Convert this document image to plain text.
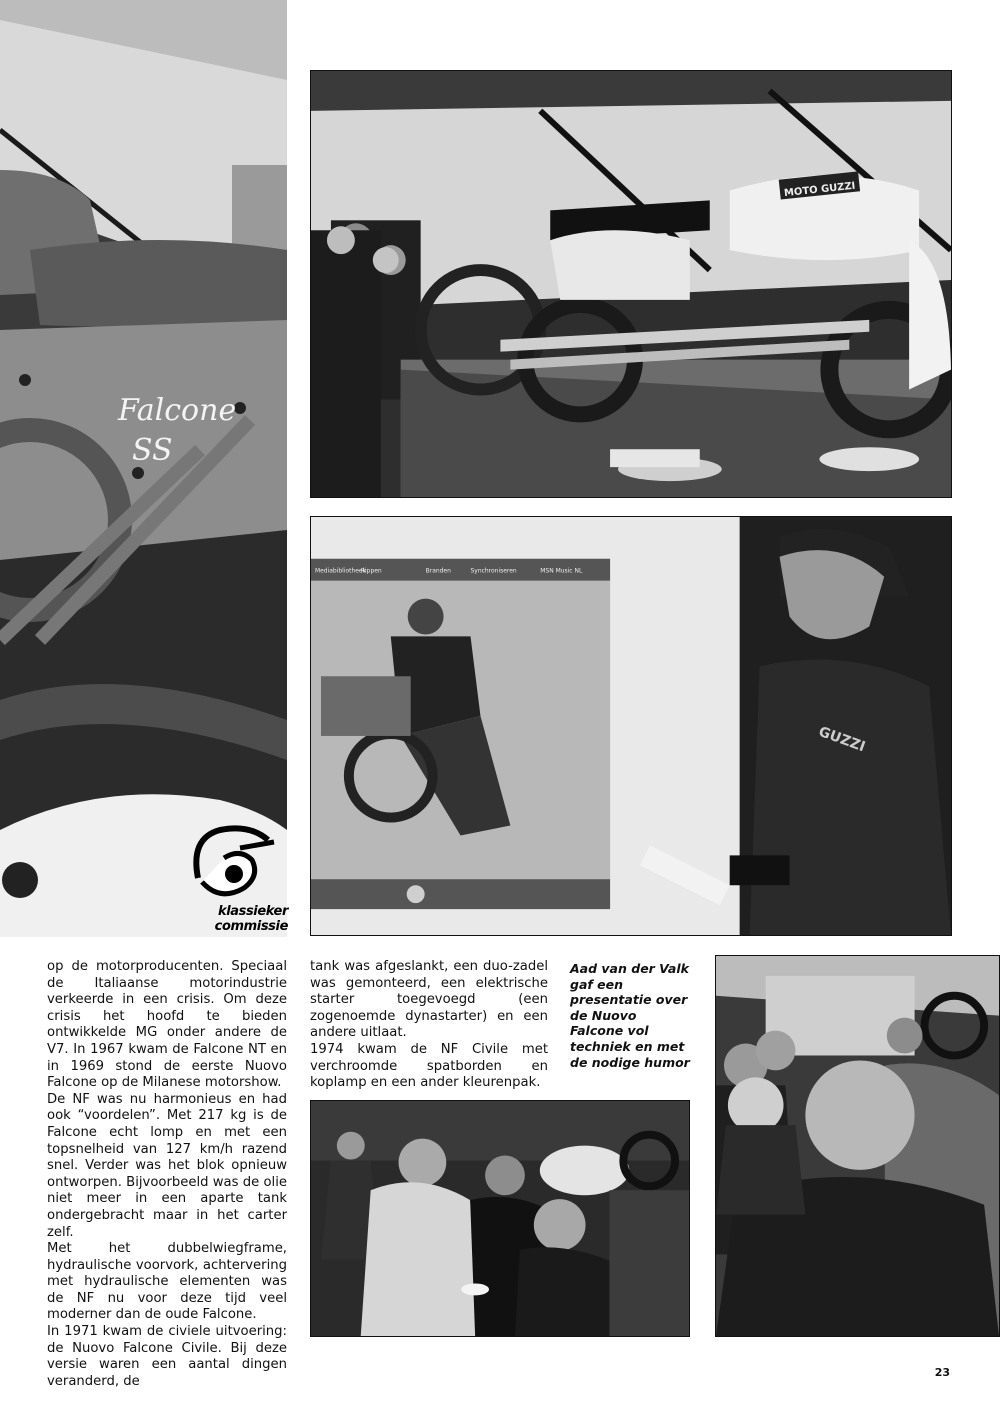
Falcone
SS
klassieker
commissie
MOTO GUZZI
Mediabibliotheek
Rippen	Branden	Synchroniseren	MSN Music NL
GUZZI

op de motorproducenten. Speciaal de Italiaanse motorindustrie verkeerde in een crisis. Om deze crisis het hoofd te bieden ontwikkelde MG onder andere de V7. In 1967 kwam de Falcone NT en in 1969 stond de eerste Nuovo Falcone op de Milanese motorshow.

De NF was nu harmonieus en had ook “voordelen”. Met 217 kg is de Falcone echt lomp en met een topsnelheid van 127 km/h razend snel. Verder was het blok opnieuw ontworpen. Bijvoorbeeld was de olie niet meer in een aparte tank ondergebracht maar in het carter zelf.

Met het dubbelwiegframe, hydraulische voorvork, achtervering met hydraulische elementen was de NF nu voor deze tijd veel moderner dan de oude Falcone.

In 1971 kwam de civiele uitvoering: de Nuovo Falcone Civile. Bij deze versie waren een aantal dingen veranderd, de

tank was afgeslankt, een duo-zadel was gemonteerd, een elektrische starter toegevoegd (een zogenoemde dynastarter) en een andere uitlaat.

1974 kwam de NF Civile met verchroomde spatborden en koplamp en een ander kleurenpak.

Aad van der Valk gaf een presentatie over de Nuovo Falcone vol techniek en met de nodige humor
23
